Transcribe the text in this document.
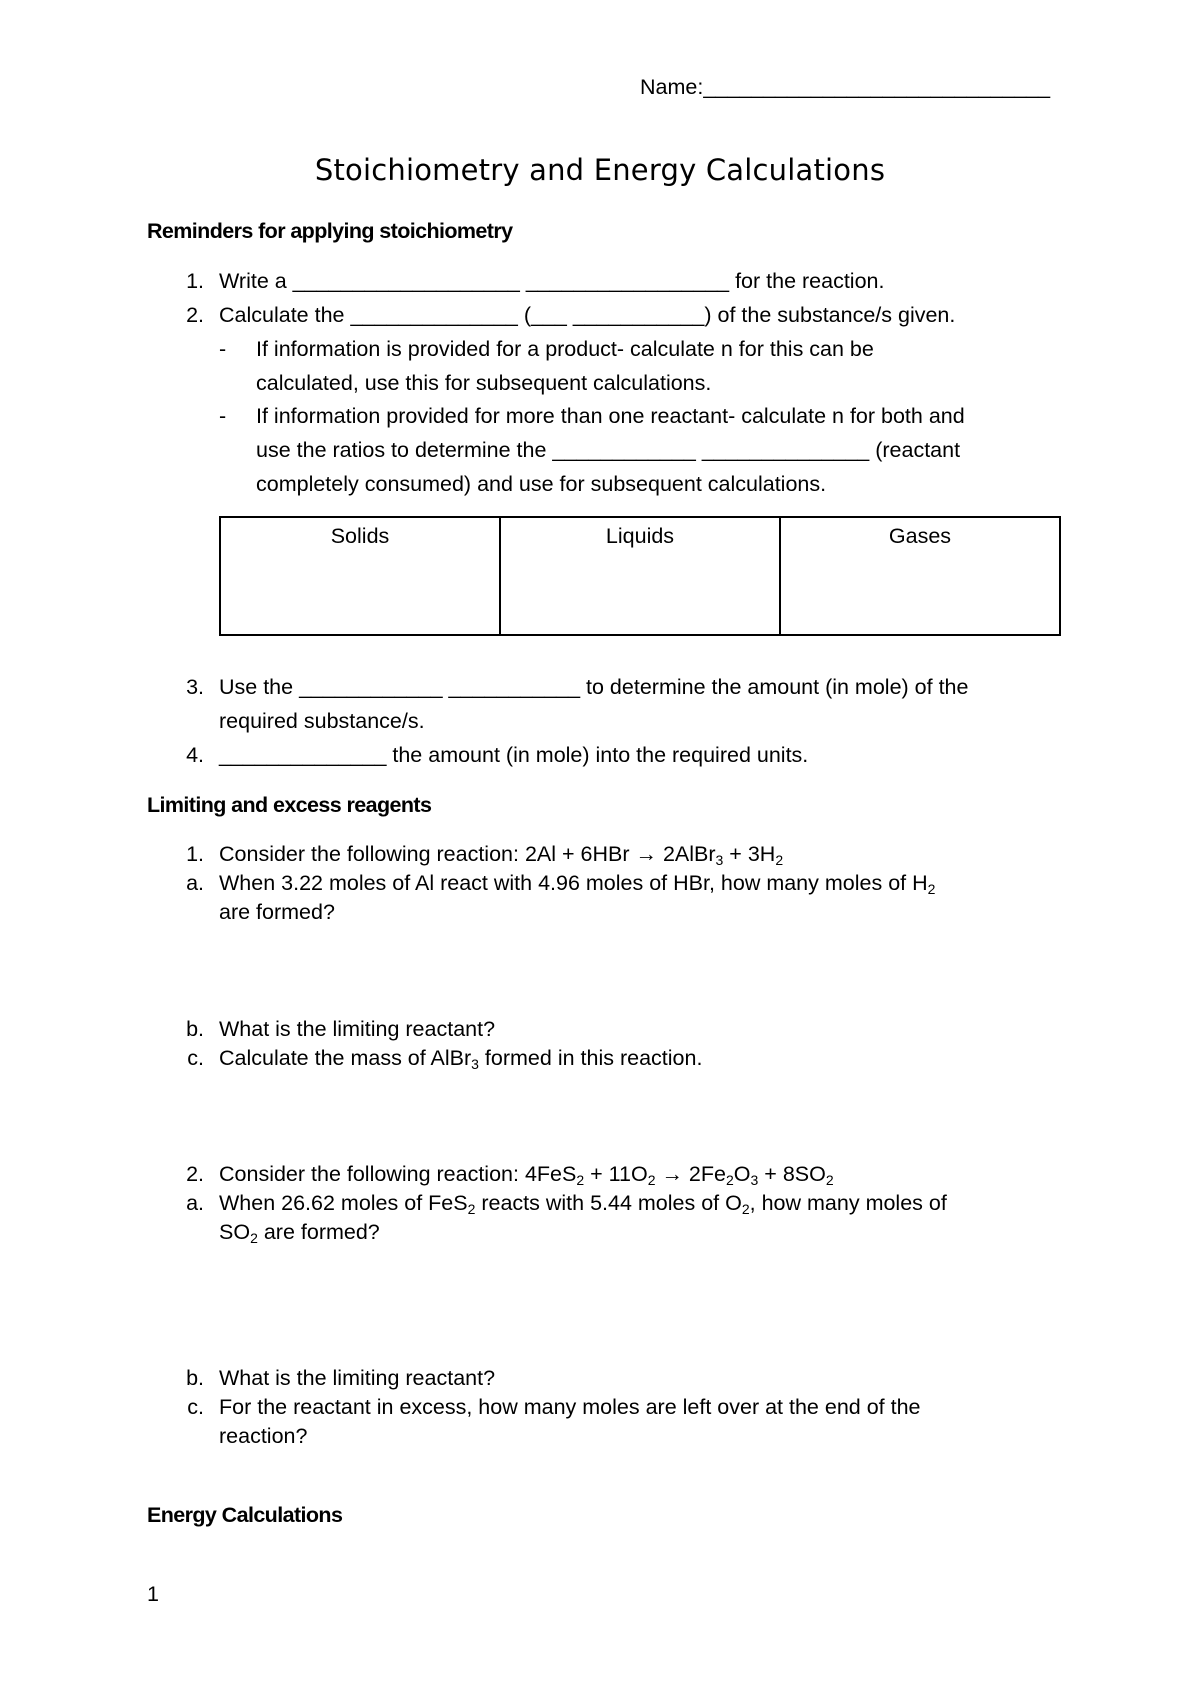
Name:_____________________________
Stoichiometry and Energy Calculations
Reminders for applying stoichiometry
1. Write a ___________________ _________________ for the reaction.
2. Calculate the ______________ (___ ___________) of the substance/s given.
- If information is provided for a product- calculate n for this can be
calculated, use this for subsequent calculations.
- If information provided for more than one reactant- calculate n for both and
use the ratios to determine the ____________ ______________ (reactant
completely consumed) and use for subsequent calculations.
Solids	Liquids	Gases
3. Use the ____________ ___________ to determine the amount (in mole) of the
required substance/s.
4. ______________ the amount (in mole) into the required units.
Limiting and excess reagents
1. Consider the following reaction: 2Al + 6HBr → 2AlBr$_3$ + $3H_2$
a. When 3.22 moles of Al react with 4.96 moles of HBr, how many moles of $H_2$
are formed?
b. What is the limiting reactant?
c. Calculate the mass of AlBr$_3$ formed in this reaction.
2. Consider the following reaction: $4FeS_2 + 11O_2 \to 2Fe_2O_3 + 8SO_2$
a. When 26.62 moles of FeS$_2$ reacts with 5.44 moles of $O_2$, how many moles of
$SO_2$ are formed?
b. What is the limiting reactant?
c. For the reactant in excess, how many moles are left over at the end of the
reaction?
Energy Calculations
1
